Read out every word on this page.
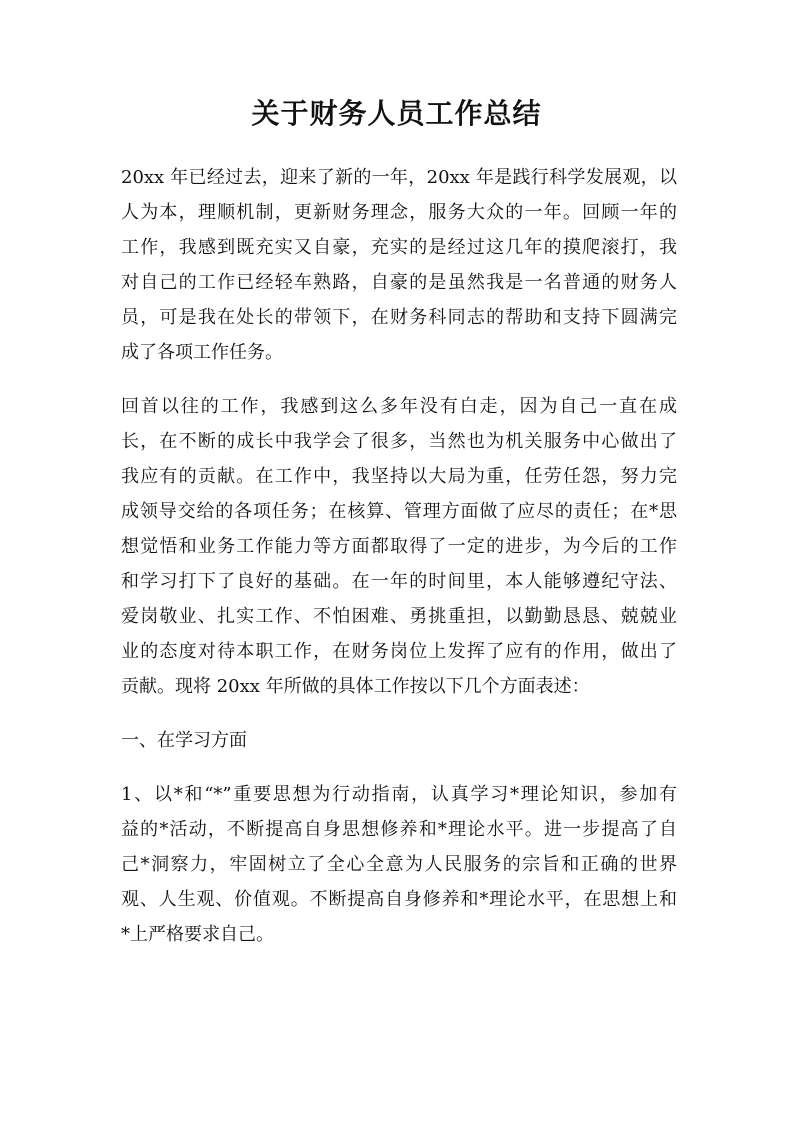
关于财务人员工作总结

20xx 年已经过去，迎来了新的一年，20xx 年是践行科学发展观，以
人为本，理顺机制，更新财务理念，服务大众的一年。回顾一年的
工作，我感到既充实又自豪，充实的是经过这几年的摸爬滚打，我
对自己的工作已经轻车熟路，自豪的是虽然我是一名普通的财务人
员，可是我在处长的带领下，在财务科同志的帮助和支持下圆满完
成了各项工作任务。

回首以往的工作，我感到这么多年没有白走，因为自己一直在成
长，在不断的成长中我学会了很多，当然也为机关服务中心做出了
我应有的贡献。在工作中，我坚持以大局为重，任劳任怨，努力完
成领导交给的各项任务；在核算、管理方面做了应尽的责任；在*思
想觉悟和业务工作能力等方面都取得了一定的进步，为今后的工作
和学习打下了良好的基础。在一年的时间里，本人能够遵纪守法、
爱岗敬业、扎实工作、不怕困难、勇挑重担，以勤勤恳恳、兢兢业
业的态度对待本职工作，在财务岗位上发挥了应有的作用，做出了
贡献。现将 20xx 年所做的具体工作按以下几个方面表述：

一、在学习方面

1、以*和“*”重要思想为行动指南，认真学习*理论知识，参加有
益的*活动，不断提高自身思想修养和*理论水平。进一步提高了自
己*洞察力，牢固树立了全心全意为人民服务的宗旨和正确的世界
观、人生观、价值观。不断提高自身修养和*理论水平，在思想上和
*上严格要求自己。
